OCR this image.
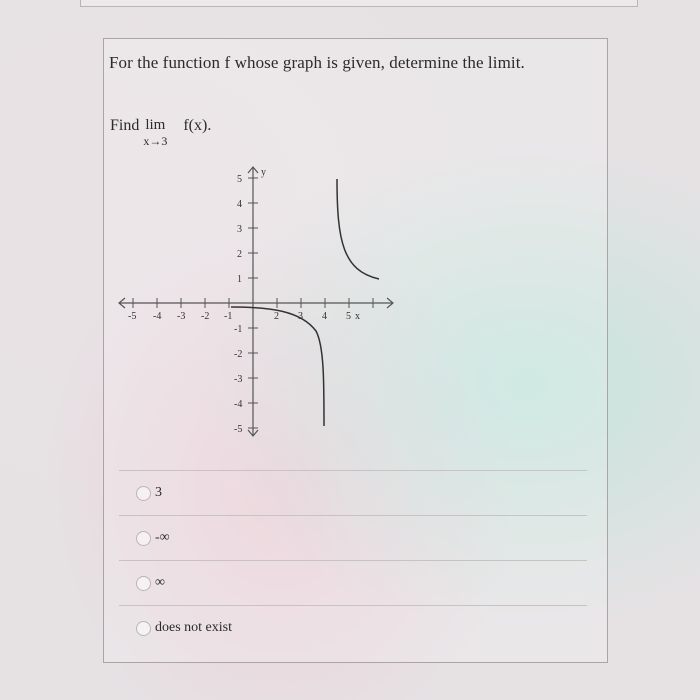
For the function f whose graph is given, determine the limit.
Find lim
x→3
f(x).
-5 -4 -3 -2 -1	2 3 4 5 x
5
4
3
2
1
y
-1
-2
-3
-4
-5
3
-∞
∞
does not exist
